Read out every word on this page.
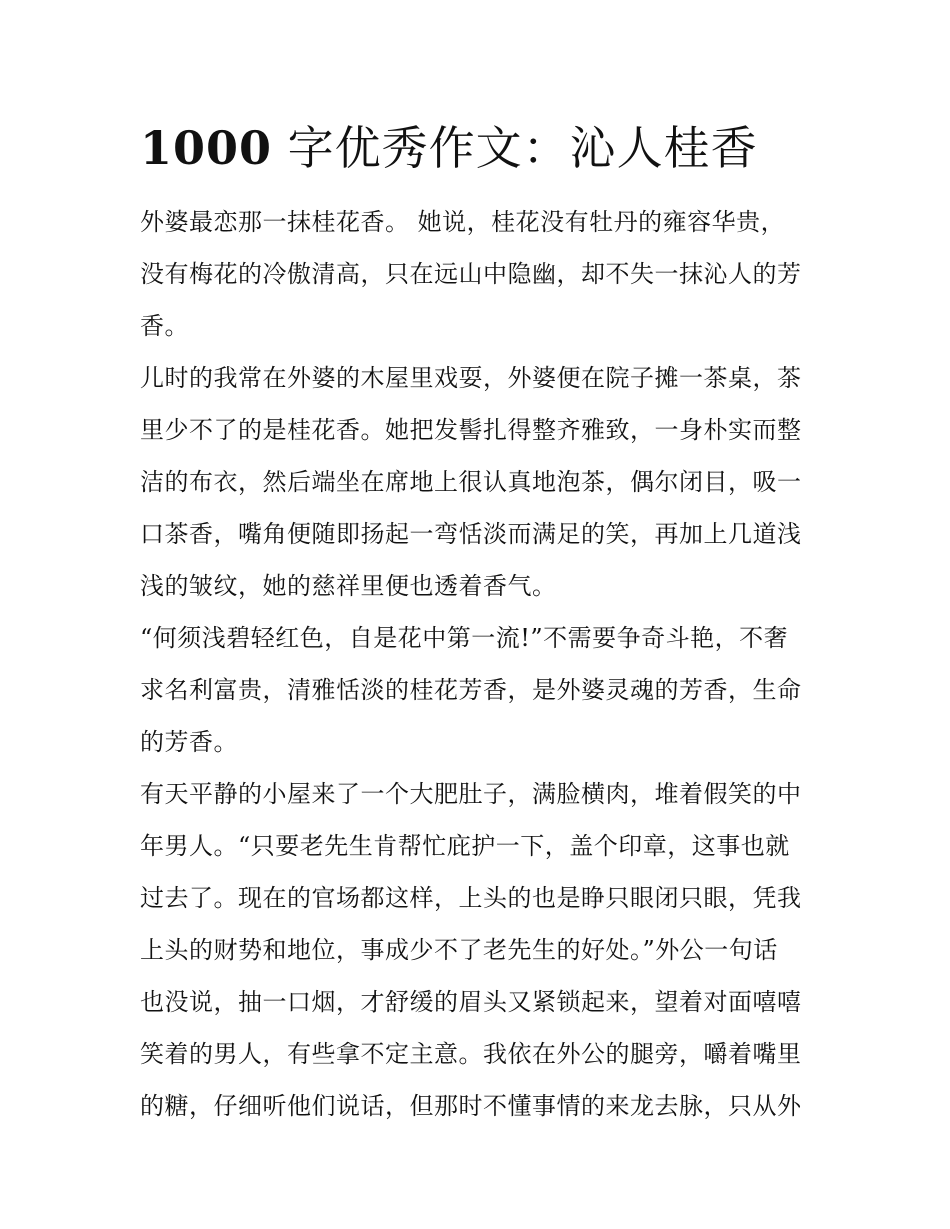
1000 字优秀作文：沁人桂香
外婆最恋那一抹桂花香。 她说，桂花没有牡丹的雍容华贵，
没有梅花的冷傲清高，只在远山中隐幽，却不失一抹沁人的芳
香。
儿时的我常在外婆的木屋里戏耍，外婆便在院子摊一茶桌，茶
里少不了的是桂花香。她把发髻扎得整齐雅致，一身朴实而整
洁的布衣，然后端坐在席地上很认真地泡茶，偶尔闭目，吸一
口茶香，嘴角便随即扬起一弯恬淡而满足的笑，再加上几道浅
浅的皱纹，她的慈祥里便也透着香气。
“何须浅碧轻红色，自是花中第一流!”不需要争奇斗艳，不奢
求名利富贵，清雅恬淡的桂花芳香，是外婆灵魂的芳香，生命
的芳香。
有天平静的小屋来了一个大肥肚子，满脸横肉，堆着假笑的中
年男人。“只要老先生肯帮忙庇护一下，盖个印章，这事也就
过去了。现在的官场都这样，上头的也是睁只眼闭只眼，凭我
上头的财势和地位，事成少不了老先生的好处。”外公一句话
也没说，抽一口烟，才舒缓的眉头又紧锁起来，望着对面嘻嘻
笑着的男人，有些拿不定主意。我依在外公的腿旁，嚼着嘴里
的糖，仔细听他们说话，但那时不懂事情的来龙去脉，只从外
